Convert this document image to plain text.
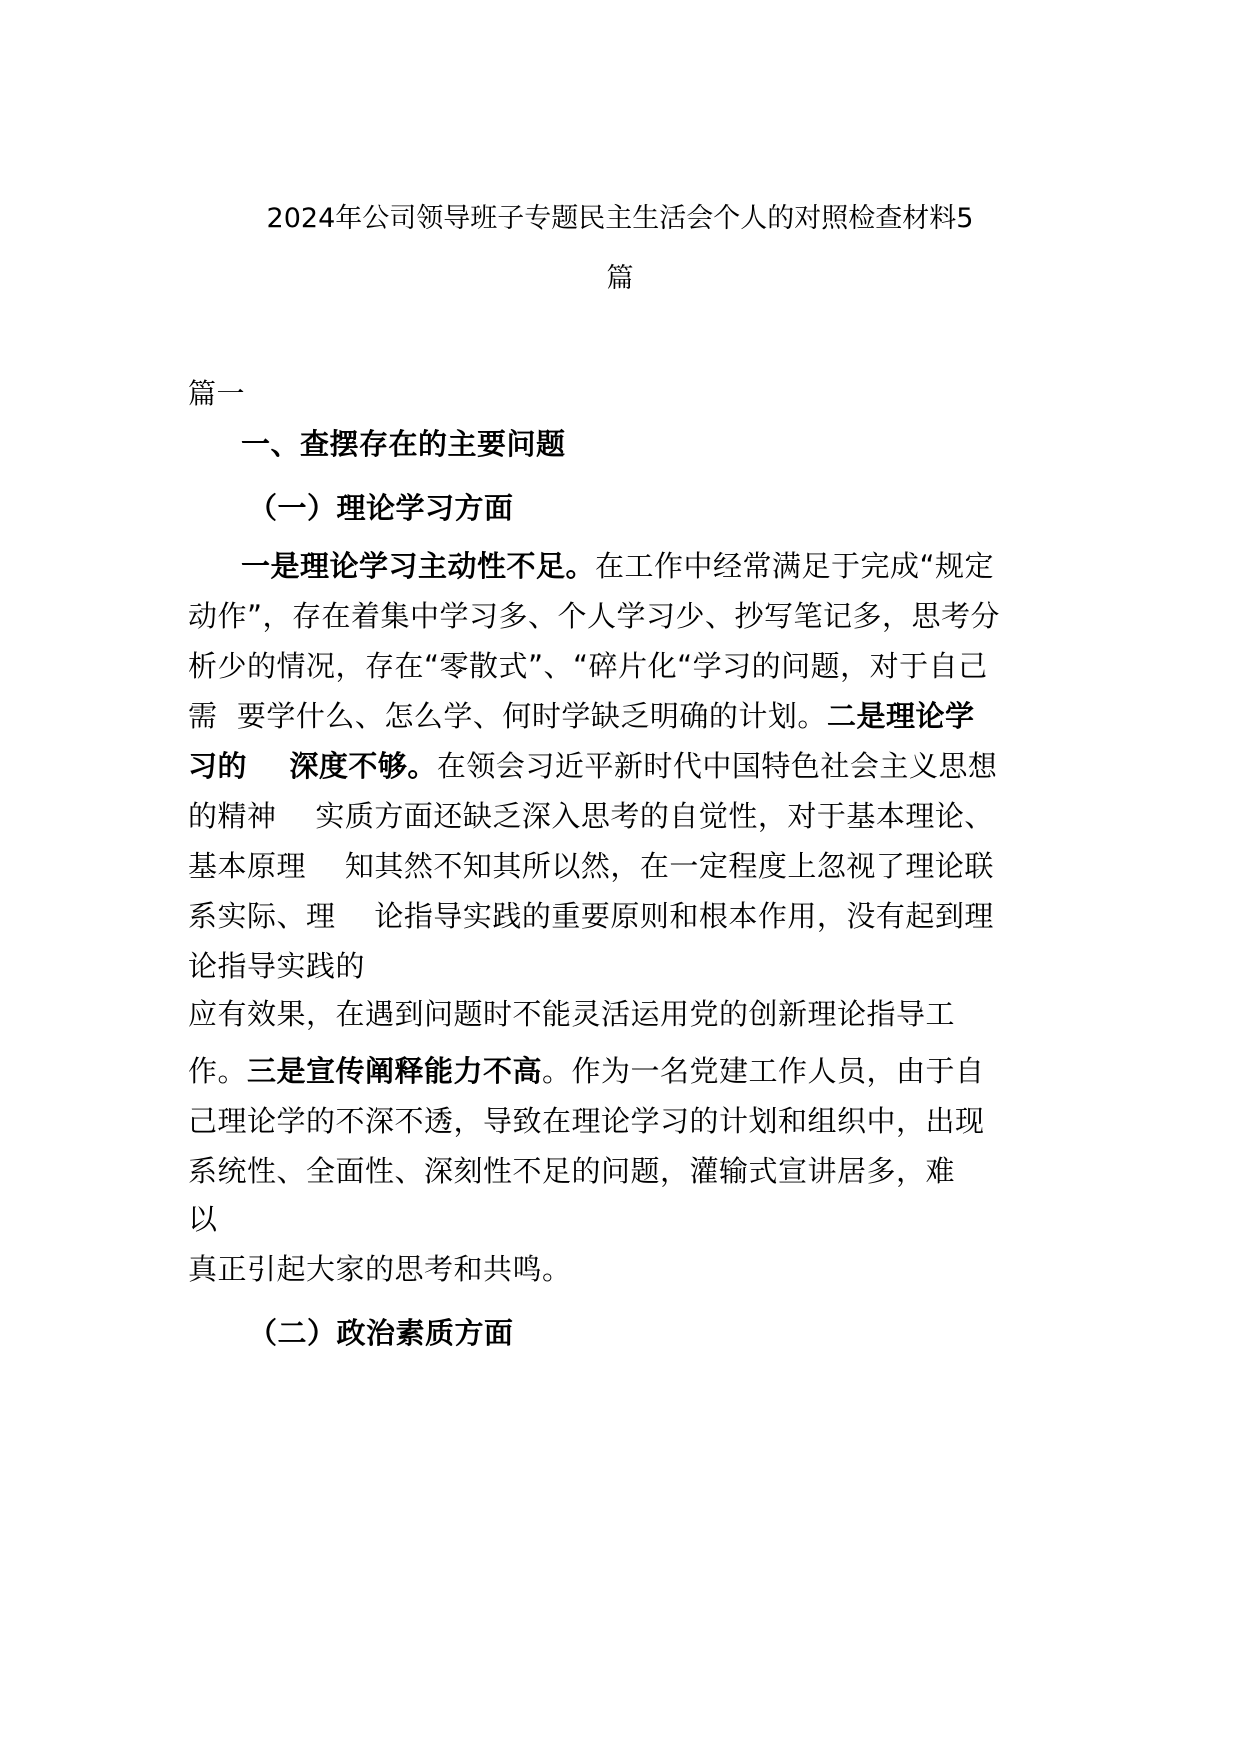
2024年公司领导班子专题民主生活会个人的对照检查材料5
篇
篇一
一、查摆存在的主要问题
（一）理论学习方面
一是理论学习主动性不足。在工作中经常满足于完成“规定
动作”，存在着集中学习多、个人学习少、抄写笔记多，思考分
析少的情况，存在“零散式”、“碎片化“学习的问题，对于自己
需  要学什么、怎么学、何时学缺乏明确的计划。二是理论学
习的    深度不够。在领会习近平新时代中国特色社会主义思想
的精神    实质方面还缺乏深入思考的自觉性，对于基本理论、
基本原理    知其然不知其所以然，在一定程度上忽视了理论联
系实际、理    论指导实践的重要原则和根本作用，没有起到理
论指导实践的
应有效果，在遇到问题时不能灵活运用党的创新理论指导工
作。三是宣传阐释能力不高。作为一名党建工作人员，由于自
己理论学的不深不透，导致在理论学习的计划和组织中，出现
系统性、全面性、深刻性不足的问题，灌输式宣讲居多，难
以
真正引起大家的思考和共鸣。
（二）政治素质方面
